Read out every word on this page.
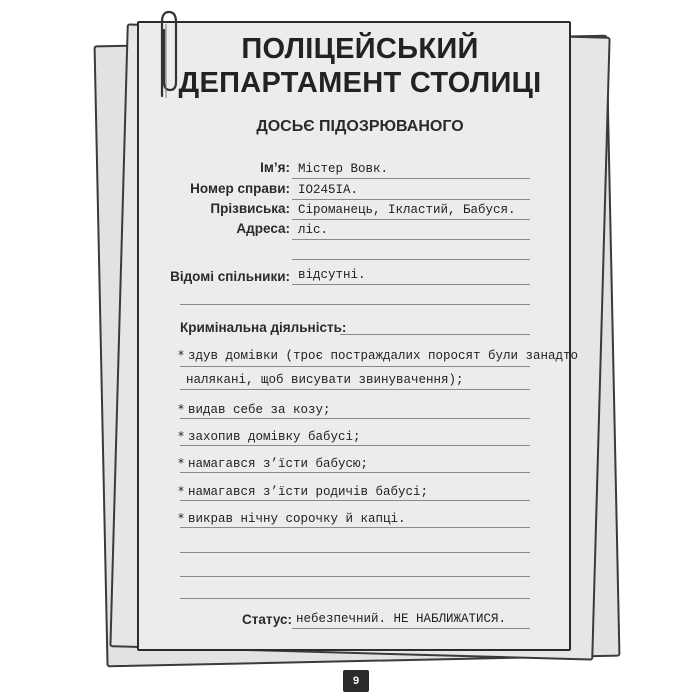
ПОЛІЦЕЙСЬКИЙ
ДЕПАРТАМЕНТ СТОЛИЦІ
ДОСЬЄ ПІДОЗРЮВАНОГО
Ім’я: Містер Вовк.
Номер справи: IO245IA.
Прізвиська: Сіроманець, Ікластий, Бабуся.
Адреса: ліс.
Відомі спільники: відсутні.
Кримінальна діяльність:
* здув домівки (троє постраждалих поросят були занадто
наляканi, щоб висувати звинувачення);
* видав себе за козу;
* захопив домівку бабусі;
* намагався з’їсти бабусю;
* намагався з’їсти родичів бабусі;
* викрав нічну сорочку й капці.
Статус: небезпечний. НЕ НАБЛИЖАТИСЯ.
9
